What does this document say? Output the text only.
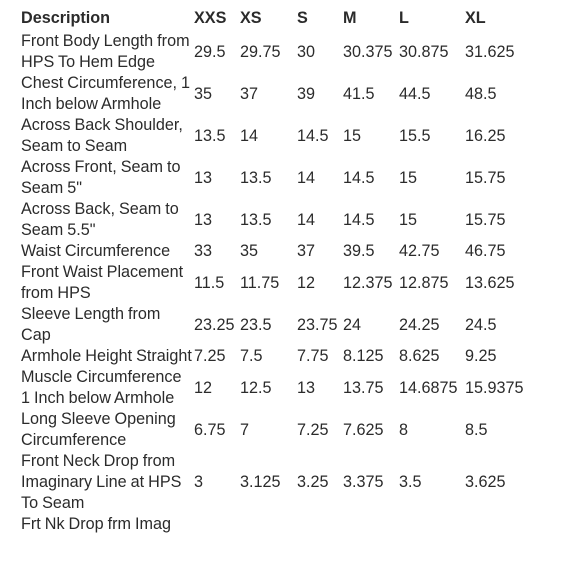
Description	XXS	XS	S	M	L	XL
Front Body Length from HPS To Hem Edge	29.5	29.75	30	30.375	30.875	31.625
Chest Circumference, 1 Inch below Armhole	35	37	39	41.5	44.5	48.5
Across Back Shoulder, Seam to Seam	13.5	14	14.5	15	15.5	16.25
Across Front, Seam to Seam 5"	13	13.5	14	14.5	15	15.75
Across Back, Seam to Seam 5.5"	13	13.5	14	14.5	15	15.75
Waist Circumference	33	35	37	39.5	42.75	46.75
Front Waist Placement from HPS	11.5	11.75	12	12.375	12.875	13.625
Sleeve Length from Cap	23.25	23.5	23.75	24	24.25	24.5
Armhole Height Straight	7.25	7.5	7.75	8.125	8.625	9.25
Muscle Circumference 1 Inch below Armhole	12	12.5	13	13.75	14.6875	15.9375
Long Sleeve Opening Circumference	6.75	7	7.25	7.625	8	8.5
Front Neck Drop from Imaginary Line at HPS To Seam	3	3.125	3.25	3.375	3.5	3.625
Frt Nk Drop frm Imag						
